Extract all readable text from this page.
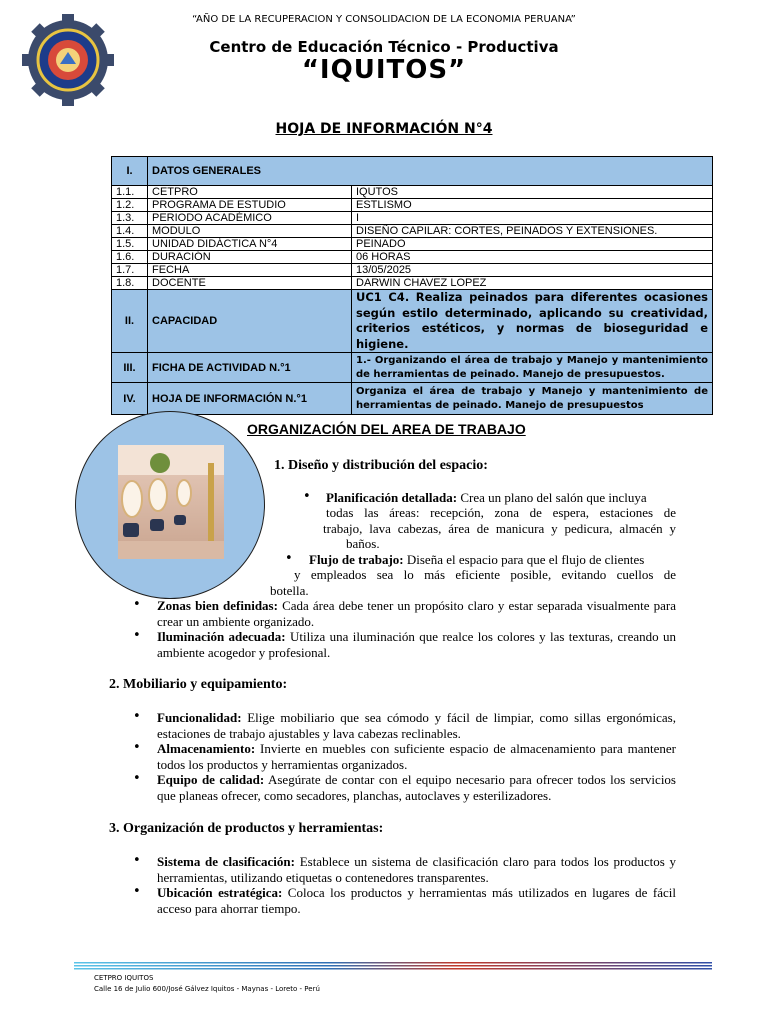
“AÑO DE LA RECUPERACION Y CONSOLIDACION DE LA ECONOMIA PERUANA”
Centro de Educación Técnico - Productiva
“IQUITOS”
HOJA DE INFORMACIÓN N°4
I.	DATOS GENERALES	
1.1.	CETPRO	IQUTOS
1.2.	PROGRAMA DE ESTUDIO	ESTLISMO
1.3.	PERIODO ACADÉMICO	I
1.4.	MODULO	DISEÑO CAPILAR: CORTES, PEINADOS Y EXTENSIONES.
1.5.	UNIDAD DIDÁCTICA N°4	PEINADO
1.6.	DURACIÓN	06 HORAS
1.7.	FECHA	13/05/2025
1.8.	DOCENTE	DARWIN CHAVEZ LOPEZ
II.	CAPACIDAD	UC1 C4. Realiza peinados para diferentes ocasiones según estilo determinado, aplicando su creatividad, criterios estéticos, y normas de bioseguridad e higiene.
III.	FICHA DE ACTIVIDAD N.°1	1.- Organizando el área de trabajo y Manejo y mantenimiento de herramientas de peinado. Manejo de presupuestos.
IV.	HOJA DE INFORMACIÓN N.°1	Organiza el área de trabajo y Manejo y mantenimiento de herramientas de peinado. Manejo de presupuestos
ORGANIZACIÓN DEL AREA DE TRABAJO
1. Diseño y distribución del espacio:
• Planificación detallada: Crea un plano del salón que incluya
todas las áreas: recepción, zona de espera, estaciones de
trabajo, lava cabezas, área de manicura y pedicura, almacén y
baños.
• Flujo de trabajo: Diseña el espacio para que el flujo de clientes
y empleados sea lo más eficiente posible, evitando cuellos de
botella.
• Zonas bien definidas: Cada área debe tener un propósito claro y estar separada visualmente para crear un ambiente organizado.
• Iluminación adecuada: Utiliza una iluminación que realce los colores y las texturas, creando un ambiente acogedor y profesional.
2. Mobiliario y equipamiento:
• Funcionalidad: Elige mobiliario que sea cómodo y fácil de limpiar, como sillas ergonómicas, estaciones de trabajo ajustables y lava cabezas reclinables.
• Almacenamiento: Invierte en muebles con suficiente espacio de almacenamiento para mantener todos los productos y herramientas organizados.
• Equipo de calidad: Asegúrate de contar con el equipo necesario para ofrecer todos los servicios que planeas ofrecer, como secadores, planchas, autoclaves y esterilizadores.
3. Organización de productos y herramientas:
• Sistema de clasificación: Establece un sistema de clasificación claro para todos los productos y herramientas, utilizando etiquetas o contenedores transparentes.
• Ubicación estratégica: Coloca los productos y herramientas más utilizados en lugares de fácil acceso para ahorrar tiempo.
CETPRO IQUITOS
Calle 16 de Julio 600/José Gálvez Iquitos - Maynas - Loreto - Perú
